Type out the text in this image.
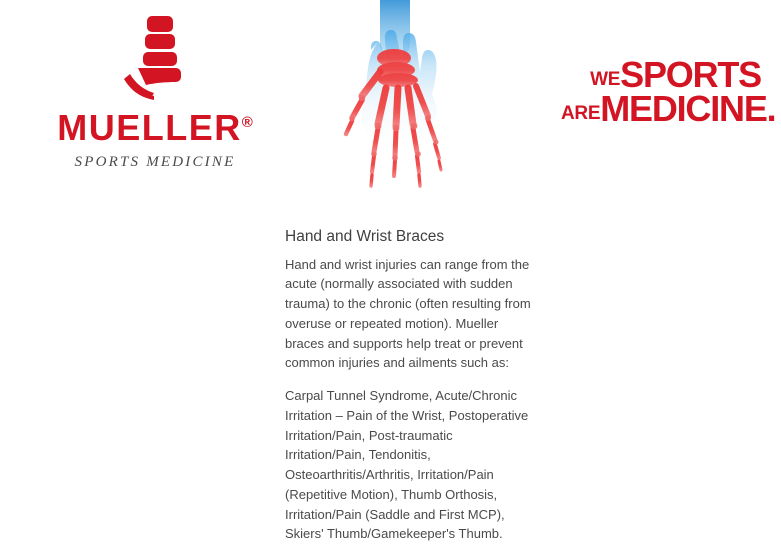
MUELLER®
SPORTS MEDICINE
WESPORTS
AREMEDICINE.
Hand and Wrist Braces

Hand and wrist injuries can range from the acute (normally associated with sudden trauma) to the chronic (often resulting from overuse or repeated motion). Mueller braces and supports help treat or prevent common injuries and ailments such as:

Carpal Tunnel Syndrome, Acute/Chronic Irritation – Pain of the Wrist, Postoperative Irritation/Pain, Post-traumatic Irritation/Pain, Tendonitis, Osteoarthritis/Arthritis, Irritation/Pain (Repetitive Motion), Thumb Orthosis, Irritation/Pain (Saddle and First MCP), Skiers' Thumb/Gamekeeper's Thumb.
